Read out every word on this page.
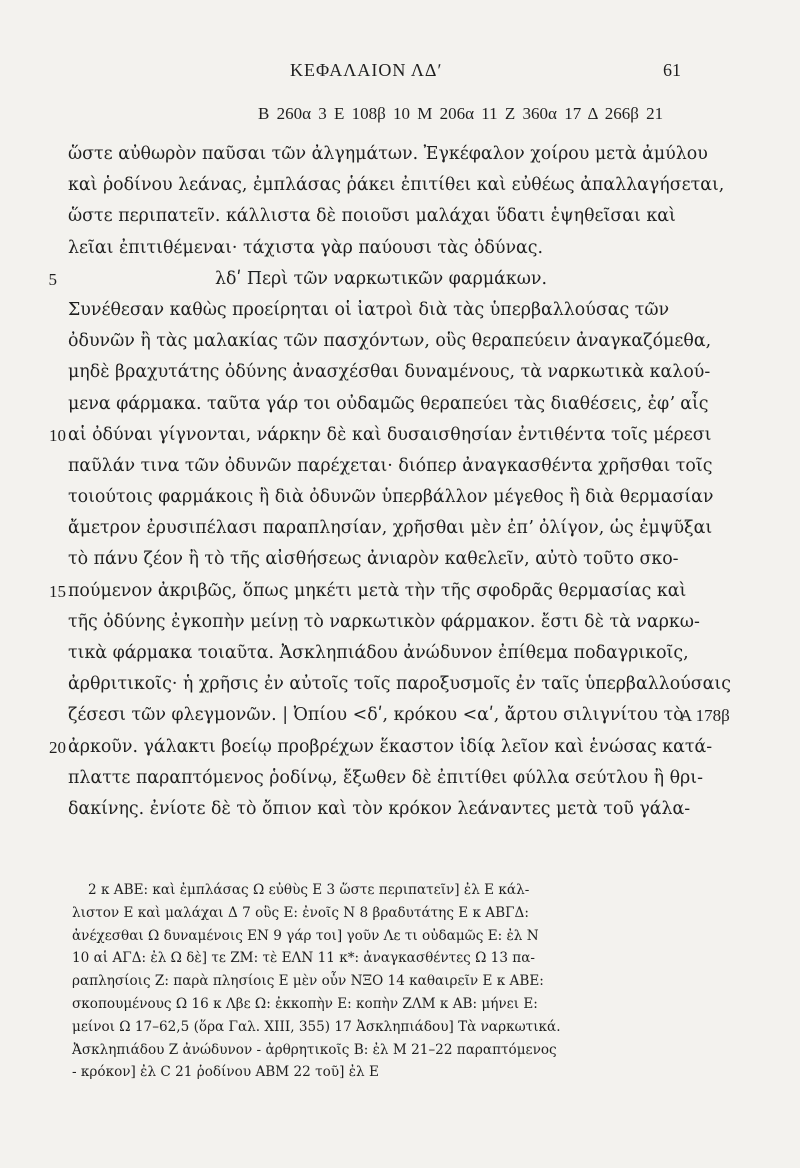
ΚΕΦΑΛΑΙΟΝ ΛΔʹ	61
B 260α 3 E 108β 10 M 206α 11 Z 360α 17 Δ 266β 21
ὥστε αὐθωρὸν παῦσαι τῶν ἀλγημάτων. Ἐγκέφαλον χοίρου μετὰ ἀμύλου
καὶ ῥοδίνου λεάνας, ἐμπλάσας ῥάκει ἐπιτίθει καὶ εὐθέως ἀπαλλαγήσεται,
ὥστε περιπατεῖν. κάλλιστα δὲ ποιοῦσι μαλάχαι ὕδατι ἑψηθεῖσαι καὶ
λεῖαι ἐπιτιθέμεναι· τάχιστα γὰρ παύουσι τὰς ὀδύνας.
5	λδʹ Περὶ τῶν ναρκωτικῶν φαρμάκων.
Συνέθεσαν καθὼς προείρηται οἱ ἰατροὶ διὰ τὰς ὑπερβαλλούσας τῶν
ὀδυνῶν ἢ τὰς μαλακίας τῶν πασχόντων, οὓς θεραπεύειν ἀναγκαζόμεθα,
μηδὲ βραχυτάτης ὀδύνης ἀνασχέσθαι δυναμένους, τὰ ναρκωτικὰ καλού-
μενα φάρμακα. ταῦτα γάρ τοι οὐδαμῶς θεραπεύει τὰς διαθέσεις, ἐφʼ αἷς
10 αἱ ὀδύναι γίγνονται, νάρκην δὲ καὶ δυσαισθησίαν ἐντιθέντα τοῖς μέρεσι
παῦλάν τινα τῶν ὀδυνῶν παρέχεται· διόπερ ἀναγκασθέντα χρῆσθαι τοῖς
τοιούτοις φαρμάκοις ἢ διὰ ὀδυνῶν ὑπερβάλλον μέγεθος ἢ διὰ θερμασίαν
ἄμετρον ἐρυσιπέλασι παραπλησίαν, χρῆσθαι μὲν ἐπʼ ὀλίγον, ὡς ἐμψῦξαι
τὸ πάνυ ζέον ἢ τὸ τῆς αἰσθήσεως ἀνιαρὸν καθελεῖν, αὐτὸ τοῦτο σκο-
15 πούμενον ἀκριβῶς, ὅπως μηκέτι μετὰ τὴν τῆς σφοδρᾶς θερμασίας καὶ
τῆς ὀδύνης ἐγκοπὴν μείνῃ τὸ ναρκωτικὸν φάρμακον. ἔστι δὲ τὰ ναρκω-
τικὰ φάρμακα τοιαῦτα. Ἀσκληπιάδου ἀνώδυνον ἐπίθεμα ποδαγρικοῖς,
ἀρθριτικοῖς· ἡ χρῆσις ἐν αὐτοῖς τοῖς παροξυσμοῖς ἐν ταῖς ὑπερβαλλούσαις
ζέσεσι τῶν φλεγμονῶν. | Ὀπίου <δʹ, κρόκου <αʹ, ἄρτου σιλιγνίτου τὸ
A 178β
20 ἀρκοῦν. γάλακτι βοείῳ προβρέχων ἕκαστον ἰδίᾳ λεῖον καὶ ἑνώσας κατά-
πλαττε παραπτόμενος ῥοδίνῳ, ἔξωθεν δὲ ἐπιτίθει φύλλα σεύτλου ἢ θρι-
δακίνης. ἐνίοτε δὲ τὸ ὄπιον καὶ τὸν κρόκον λεάναντες μετὰ τοῦ γάλα-
2 κ ABE: καὶ ἐμπλάσας Ω εὐθὺς E 3 ὥστε περιπατεῖν] ἐλ E κάλ-
λιστον E καὶ μαλάχαι Δ 7 οὓς E: ἐνοῖς N 8 βραδυτάτης E κ ΑΒΓΔ:
ἀνέχεσθαι Ω δυναμένοις EN 9 γάρ τοι] γοῦν Λε τι οὐδαμῶς E: ἐλ N
10 αἱ ΑΓΔ: ἐλ Ω δὲ] τε ZM: τὲ ΕΛΝ 11 κ*: ἀναγκασθέντες Ω 13 πα-
ραπλησίοις Z: παρὰ πλησίοις E μὲν οὖν ΝΞΟ 14 καθαιρεῖν E κ ΑΒΕ:
σκοπουμένους Ω 16 κ Λβε Ω: ἐκκοπὴν E: κοπὴν ΖΛΜ κ AB: μήνει E:
μείνοι Ω 17–62,5 (ὅρα Γαλ. XIII, 355) 17 Ἀσκληπιάδου] Τὰ ναρκωτικά.
Ἀσκληπιάδου Z ἀνώδυνον - ἀρθρητικοῖς B: ἐλ M 21–22 παραπτόμενος
- κρόκον] ἐλ C 21 ῥοδίνου ΑΒΜ 22 τοῦ] ἐλ E
